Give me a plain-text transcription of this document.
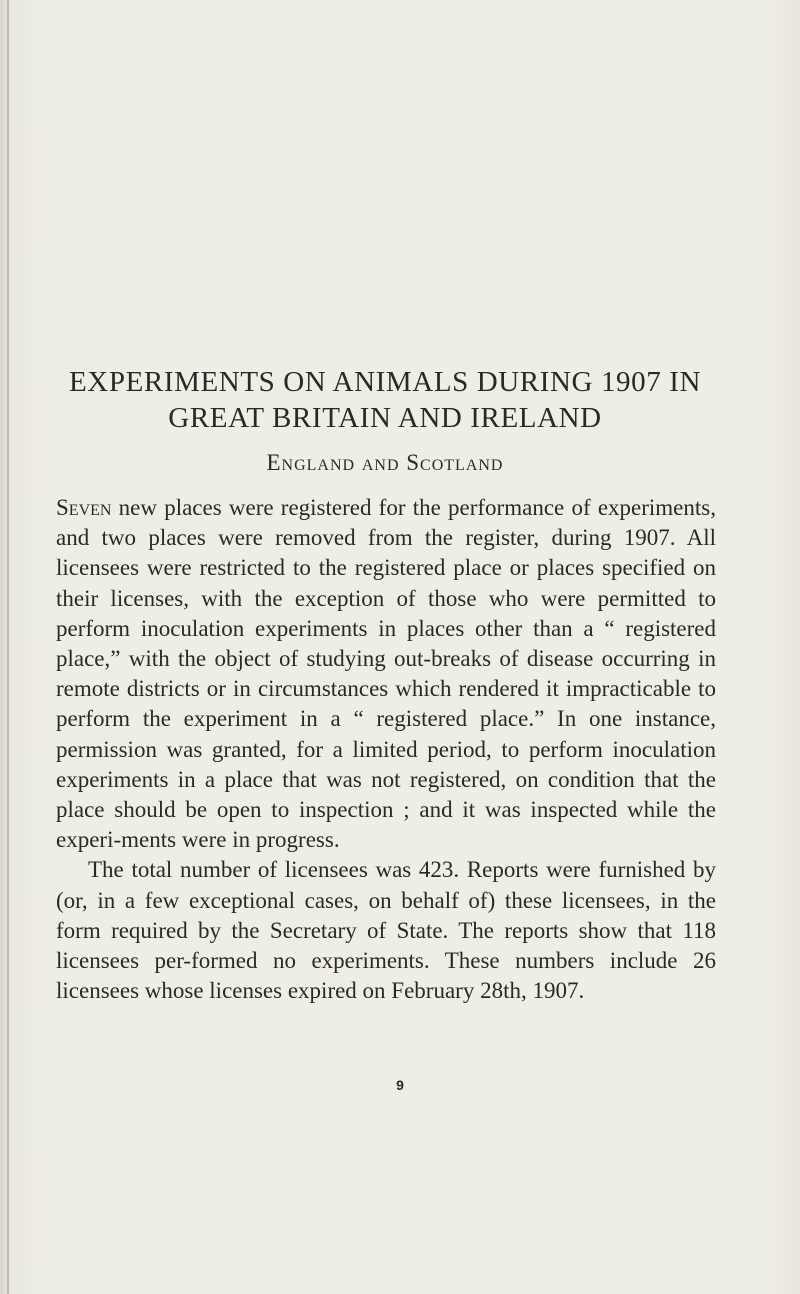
EXPERIMENTS ON ANIMALS DURING 1907 IN
GREAT BRITAIN AND IRELAND
England and Scotland

Seven new places were registered for the performance of experiments, and two places were removed from the register, during 1907. All licensees were restricted to the registered place or places specified on their licenses, with the exception of those who were permitted to perform inoculation experiments in places other than a “ registered place,” with the object of studying out-breaks of disease occurring in remote districts or in circumstances which rendered it impracticable to perform the experiment in a “ registered place.” In one instance, permission was granted, for a limited period, to perform inoculation experiments in a place that was not registered, on condition that the place should be open to inspection ; and it was inspected while the experi-ments were in progress.

The total number of licensees was 423. Reports were furnished by (or, in a few exceptional cases, on behalf of) these licensees, in the form required by the Secretary of State. The reports show that 118 licensees per-formed no experiments. These numbers include 26 licensees whose licenses expired on February 28th, 1907.

9
